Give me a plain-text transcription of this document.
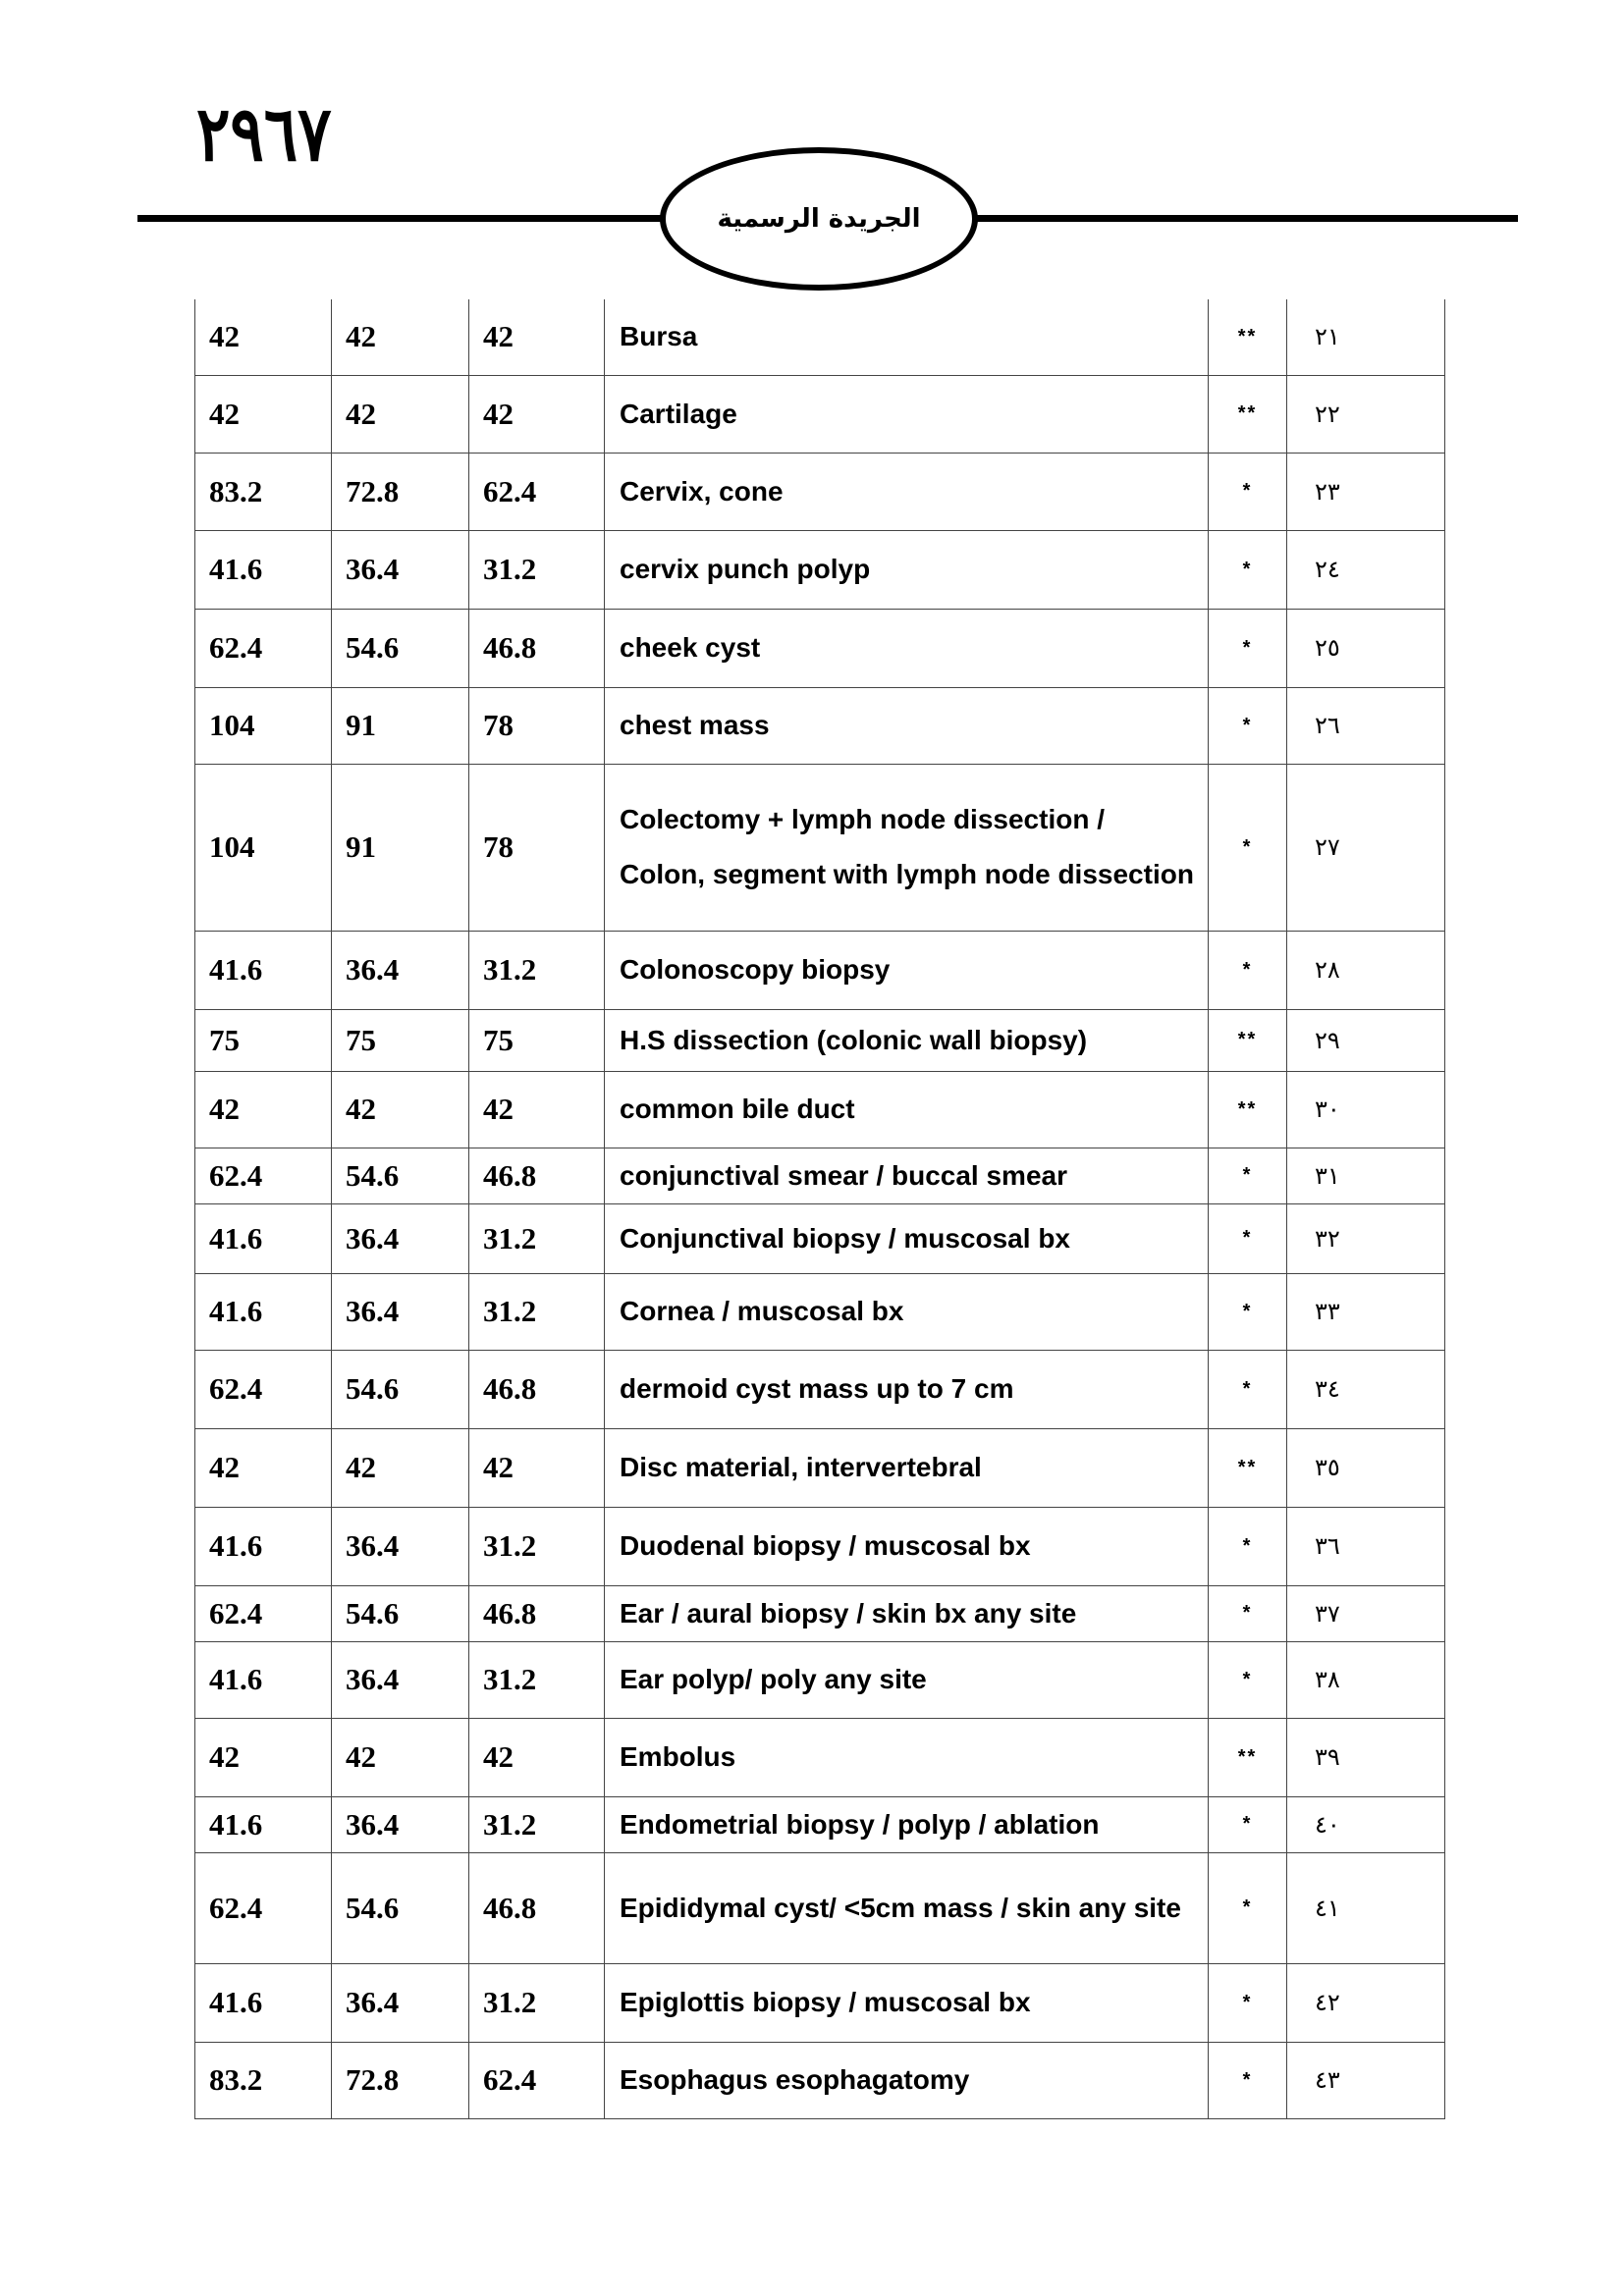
٢٩٦٧
الجريدة الرسمية
42	42	42	Bursa	**	٢١
42	42	42	Cartilage	**	٢٢
83.2	72.8	62.4	Cervix, cone	*	٢٣
41.6	36.4	31.2	cervix punch polyp	*	٢٤
62.4	54.6	46.8	cheek cyst	*	٢٥
104	91	78	chest mass	*	٢٦
104	91	78	Colectomy + lymph node dissection / Colon, segment with lymph node dissection	*	٢٧
41.6	36.4	31.2	Colonoscopy biopsy	*	٢٨
75	75	75	H.S dissection (colonic wall biopsy)	**	٢٩
42	42	42	common bile duct	**	٣٠
62.4	54.6	46.8	conjunctival smear / buccal smear	*	٣١
41.6	36.4	31.2	Conjunctival biopsy / muscosal bx	*	٣٢
41.6	36.4	31.2	Cornea / muscosal bx	*	٣٣
62.4	54.6	46.8	dermoid cyst mass up to 7 cm	*	٣٤
42	42	42	Disc material, intervertebral	**	٣٥
41.6	36.4	31.2	Duodenal biopsy / muscosal bx	*	٣٦
62.4	54.6	46.8	Ear / aural biopsy / skin bx any site	*	٣٧
41.6	36.4	31.2	Ear polyp/ poly any site	*	٣٨
42	42	42	Embolus	**	٣٩
41.6	36.4	31.2	Endometrial biopsy / polyp / ablation	*	٤٠
62.4	54.6	46.8	Epididymal cyst/ <5cm mass / skin any site	*	٤١
41.6	36.4	31.2	Epiglottis biopsy / muscosal bx	*	٤٢
83.2	72.8	62.4	Esophagus esophagatomy	*	٤٣
